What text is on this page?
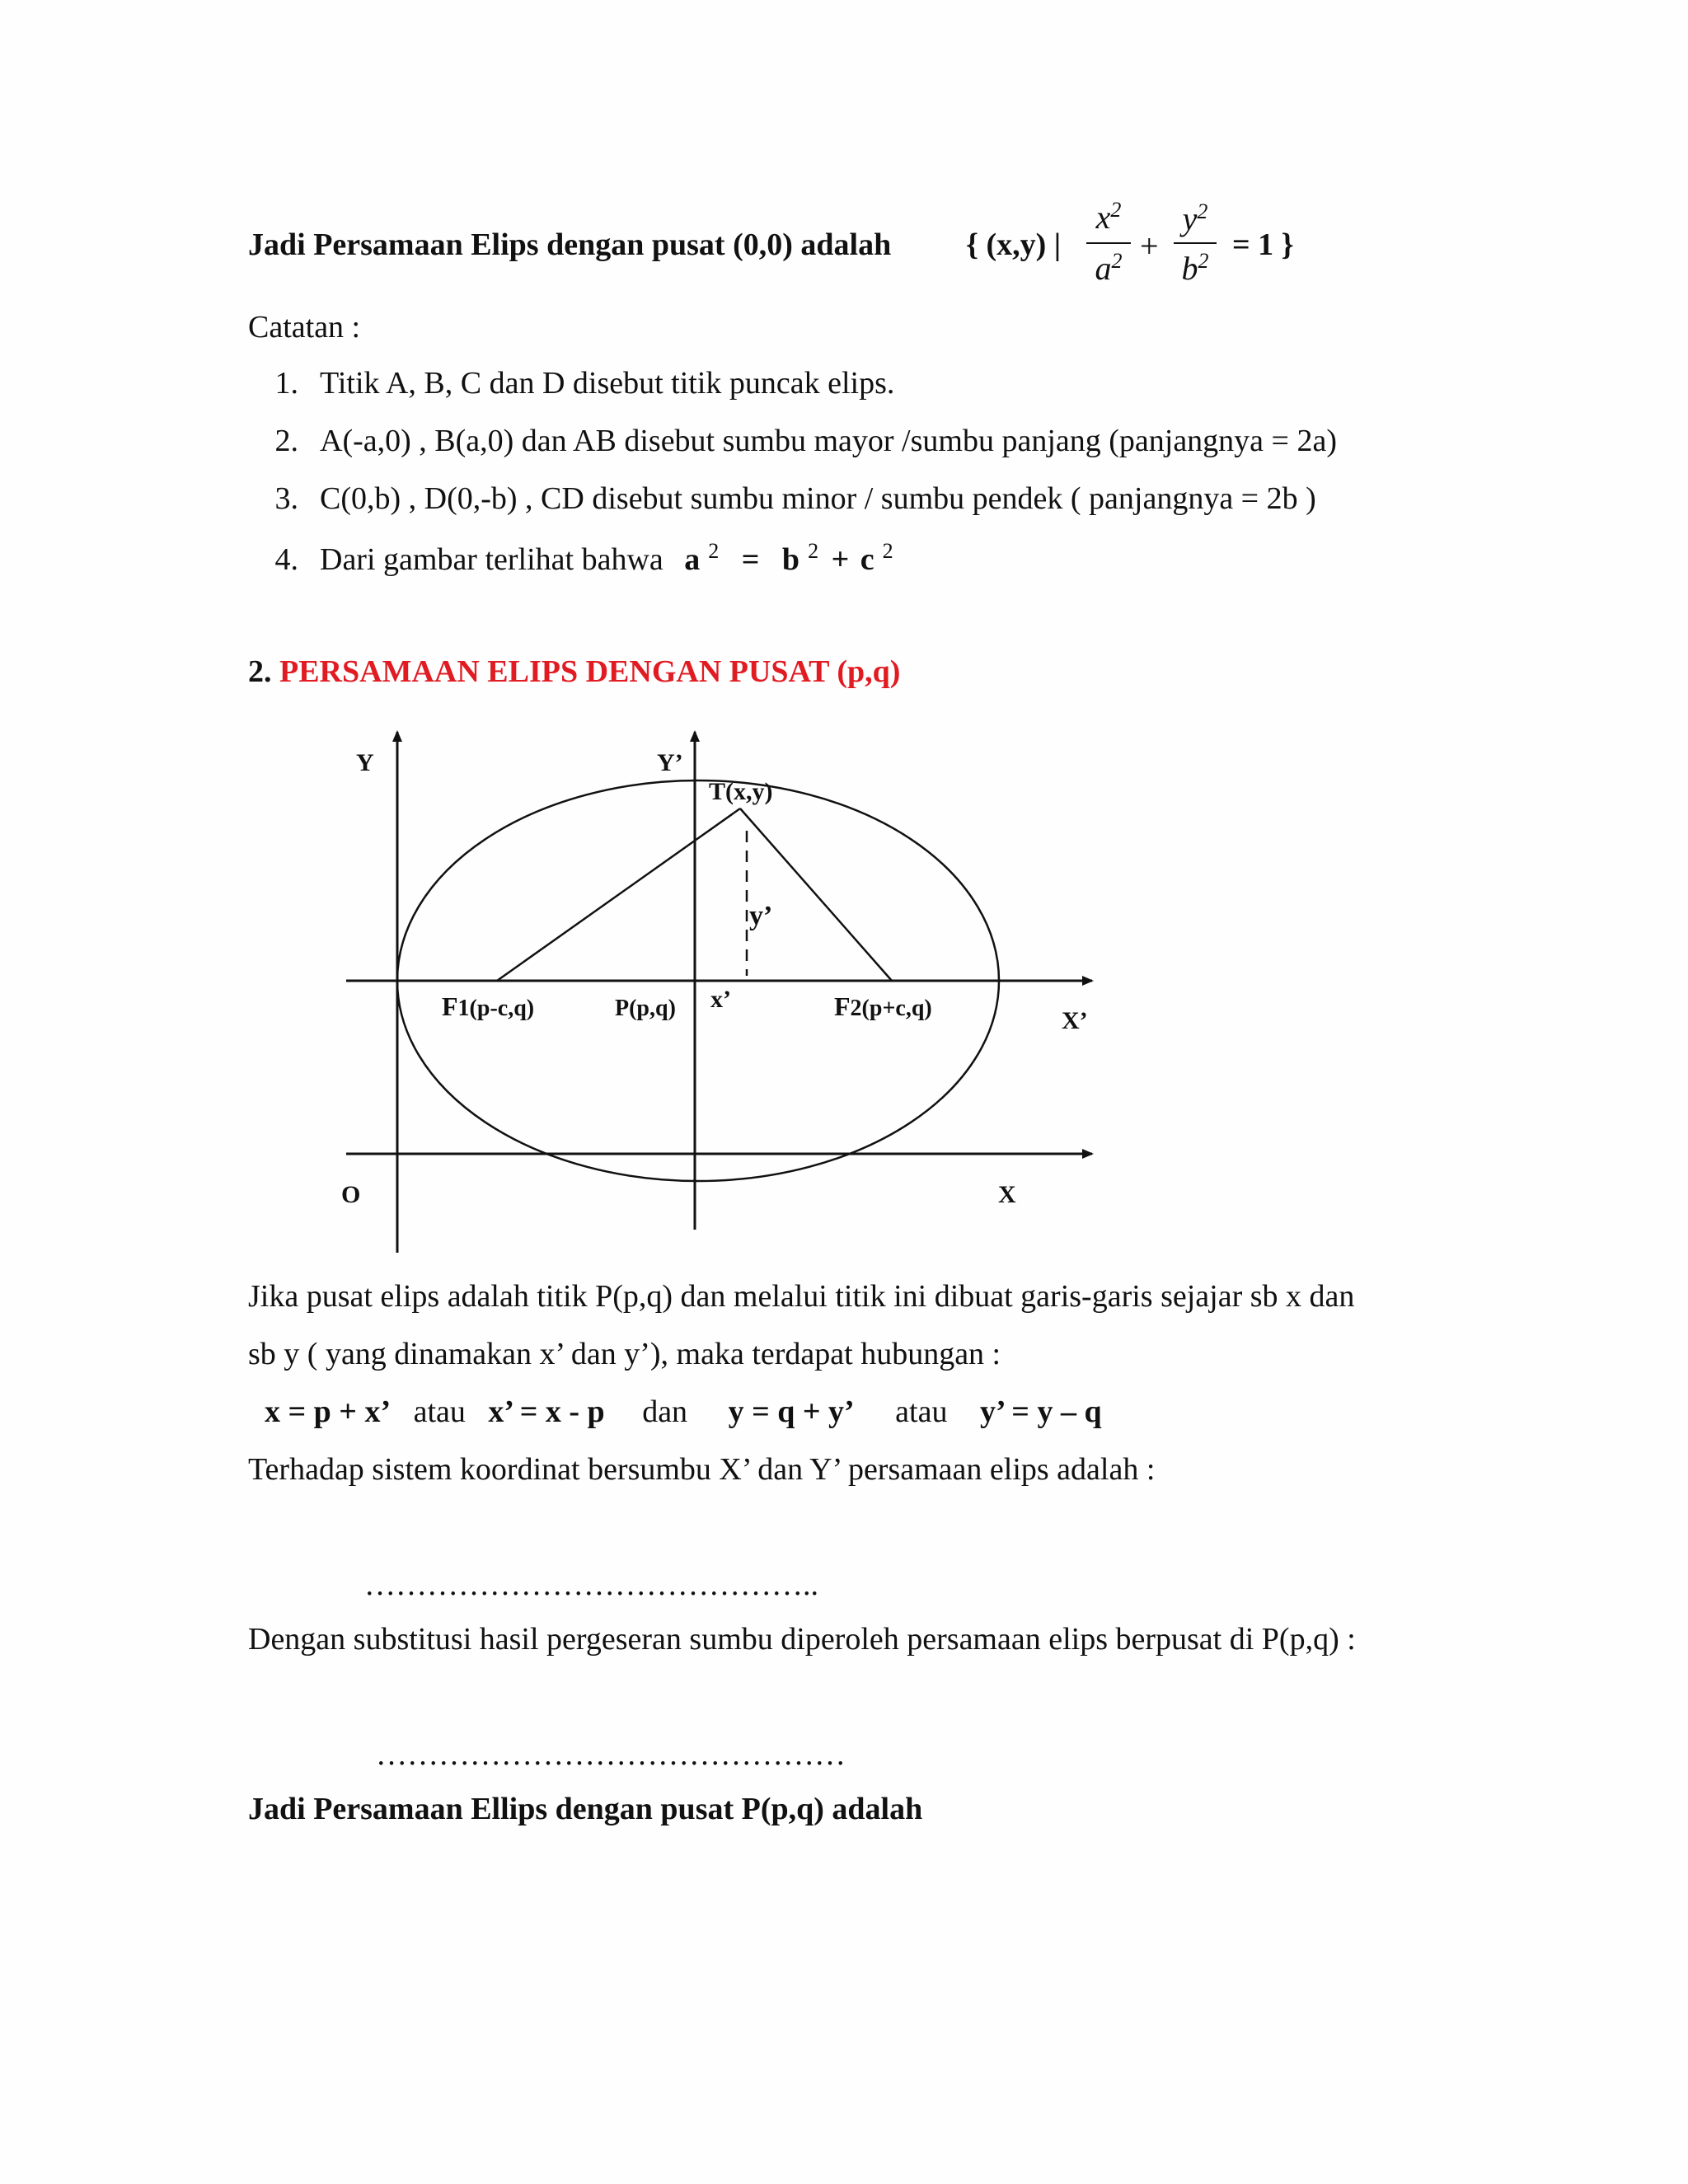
Jadi Persamaan Elips dengan pusat (0,0) adalah { (x,y) |
$x^2$
$a^2$ +
$y^2$
$b^2 = 1$ }
Catatan :
1. Titik A, B, C dan D disebut titik puncak elips.
2. A(-a,0) , B(a,0) dan AB disebut sumbu mayor /sumbu panjang (panjangnya = 2a)
3. C(0,b) , D(0,-b) , CD disebut sumbu minor / sumbu pendek ( panjangnya = 2b )
4. Dari gambar terlihat bahwa a $^2$ = b $^2$ + c $^2$
2. PERSAMAAN ELIPS DENGAN PUSAT (p,q)
Y	Y’
T(x,y)
y’
F1(p-c,q)	P(p,q) x’	F2(p+c,q)	X’
O	X
Jika pusat elips adalah titik P(p,q) dan melalui titik ini dibuat garis-garis sejajar sb x dan
sb y ( yang dinamakan x’ dan y’), maka terdapat hubungan :
x = p + x’ atau x’ = x - p dan y = q + y’ atau y’ = y – q
Terhadap sistem koordinat bersumbu X’ dan Y’ persamaan elips adalah :
……………………………………..
Dengan substitusi hasil pergeseran sumbu diperoleh persamaan elips berpusat di P(p,q) :
………………………………………
Jadi Persamaan Ellips dengan pusat P(p,q) adalah
